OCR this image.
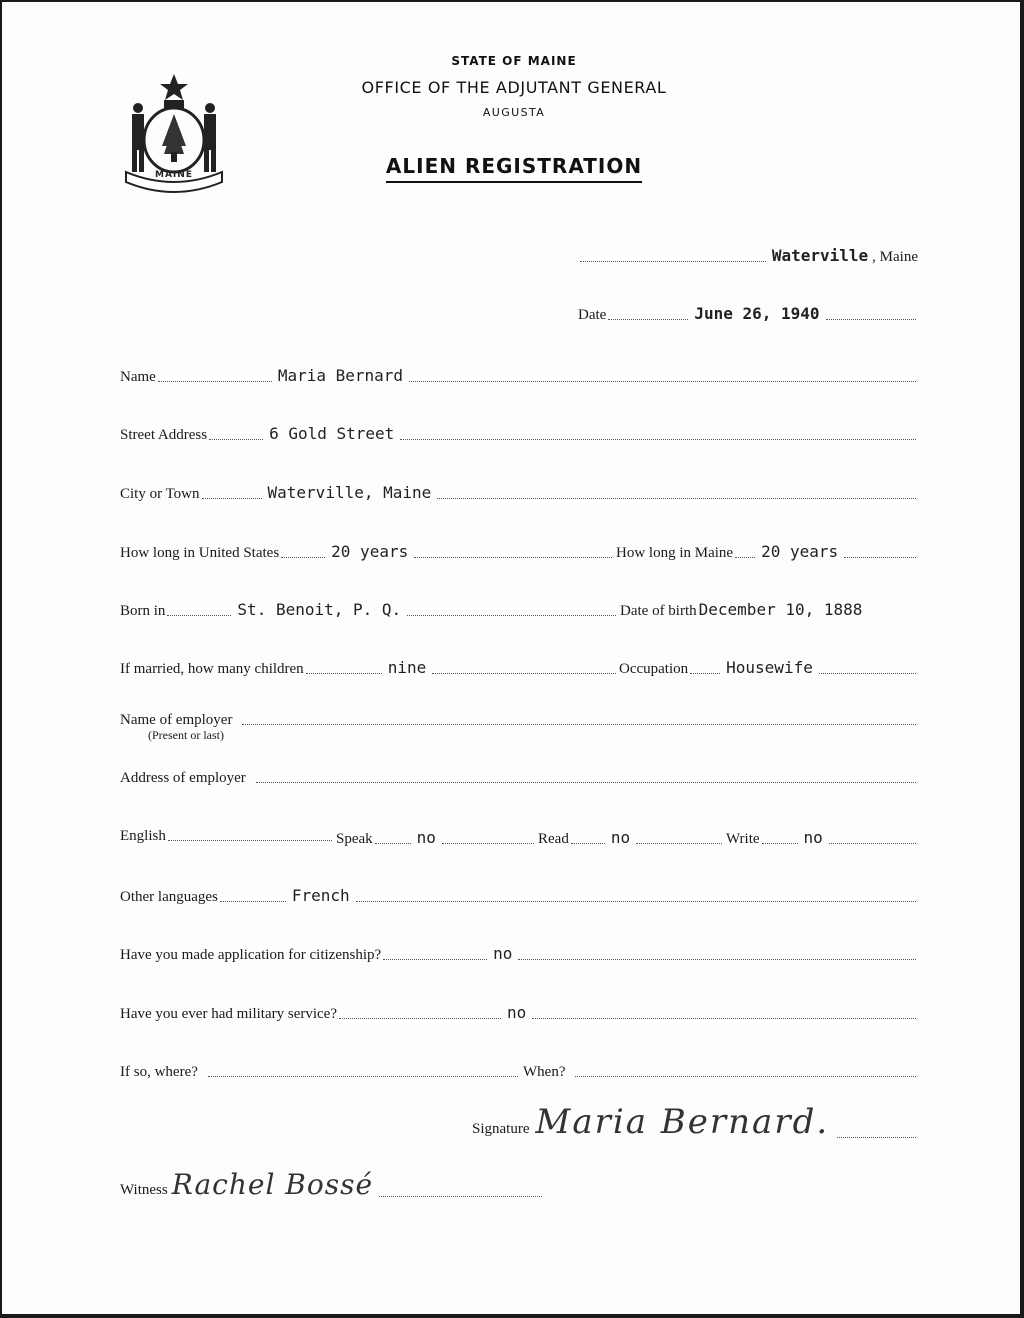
MAINE
STATE OF MAINE
OFFICE OF THE ADJUTANT GENERAL
AUGUSTA
ALIEN REGISTRATION
Waterville , Maine
Date	June 26, 1940
Name	Maria Bernard
Street Address	6 Gold Street
City or Town	Waterville, Maine
How long in United States	20 years	How long in Maine 20 years
Born in	St. Benoit, P. Q.	Date of birth December 10, 1888
If married, how many children	nine	Occupation Housewife
Name of employer
(Present or last)
Address of employer
English	Speak	no	Read	no	Write	no
Other languages	French
Have you made application for citizenship?	no
Have you ever had military service?	no
If so, where?	When?
Signature Maria Bernard.
Witness Rachel Bossé
